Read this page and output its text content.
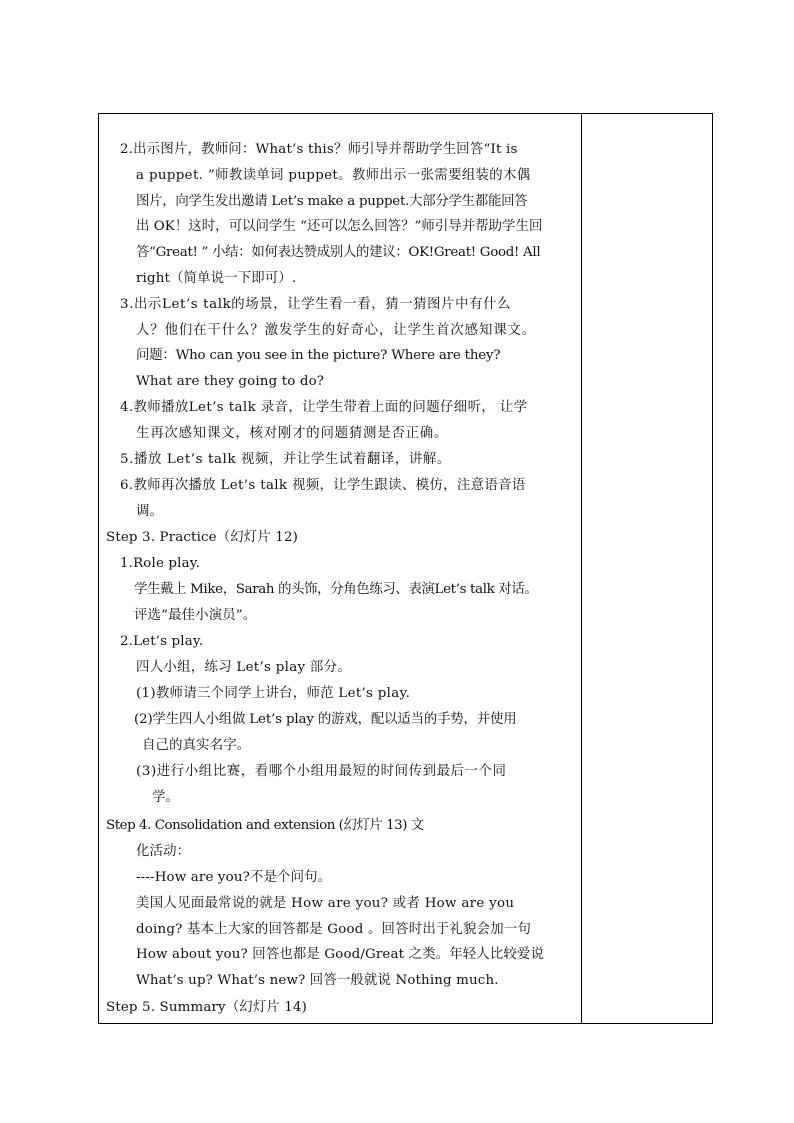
2.出示图片，教师问：What’s this？师引导并帮助学生回答“It is
a puppet. ”师教读单词 puppet。教师出示一张需要组装的木偶
图片，向学生发出邀请 Let’s make a puppet.大部分学生都能回答
出 OK！这时，可以问学生 “还可以怎么回答？”师引导并帮助学生回
答“Great! ” 小结：如何表达赞成别人的建议：OK!Great! Good! All
right（简单说一下即可）.
3.出示Let’s talk的场景，让学生看一看，猜一猜图片中有什么
人？他们在干什么？激发学生的好奇心，让学生首次感知课文。
问题：Who can you see in the picture? Where are they?
What are they going to do?
4.教师播放Let’s talk 录音，让学生带着上面的问题仔细听， 让学
生再次感知课文，核对刚才的问题猜测是否正确。
5.播放 Let’s talk 视频，并让学生试着翻译，讲解。
6.教师再次播放 Let’s talk 视频，让学生跟读、模仿，注意语音语
调。
Step 3. Practice（幻灯片 12)
1.Role play.
学生戴上 Mike，Sarah 的头饰，分角色练习、表演Let’s talk 对话。
评选“最佳小演员”。
2.Let’s play.
四人小组，练习 Let’s play 部分。
(1)教师请三个同学上讲台，师范 Let’s play.
(2)学生四人小组做 Let’s play 的游戏，配以适当的手势，并使用
自己的真实名字。
(3)进行小组比赛，看哪个小组用最短的时间传到最后一个同
学。
Step 4. Consolidation and extension (幻灯片 13) 文
化活动：
----How are you?不是个问句。
美国人见面最常说的就是 How are you? 或者 How are you
doing? 基本上大家的回答都是 Good 。回答时出于礼貌会加一句
How about you? 回答也都是 Good/Great 之类。年轻人比较爱说
What’s up? What’s new? 回答一般就说 Nothing much.
Step 5. Summary（幻灯片 14)
